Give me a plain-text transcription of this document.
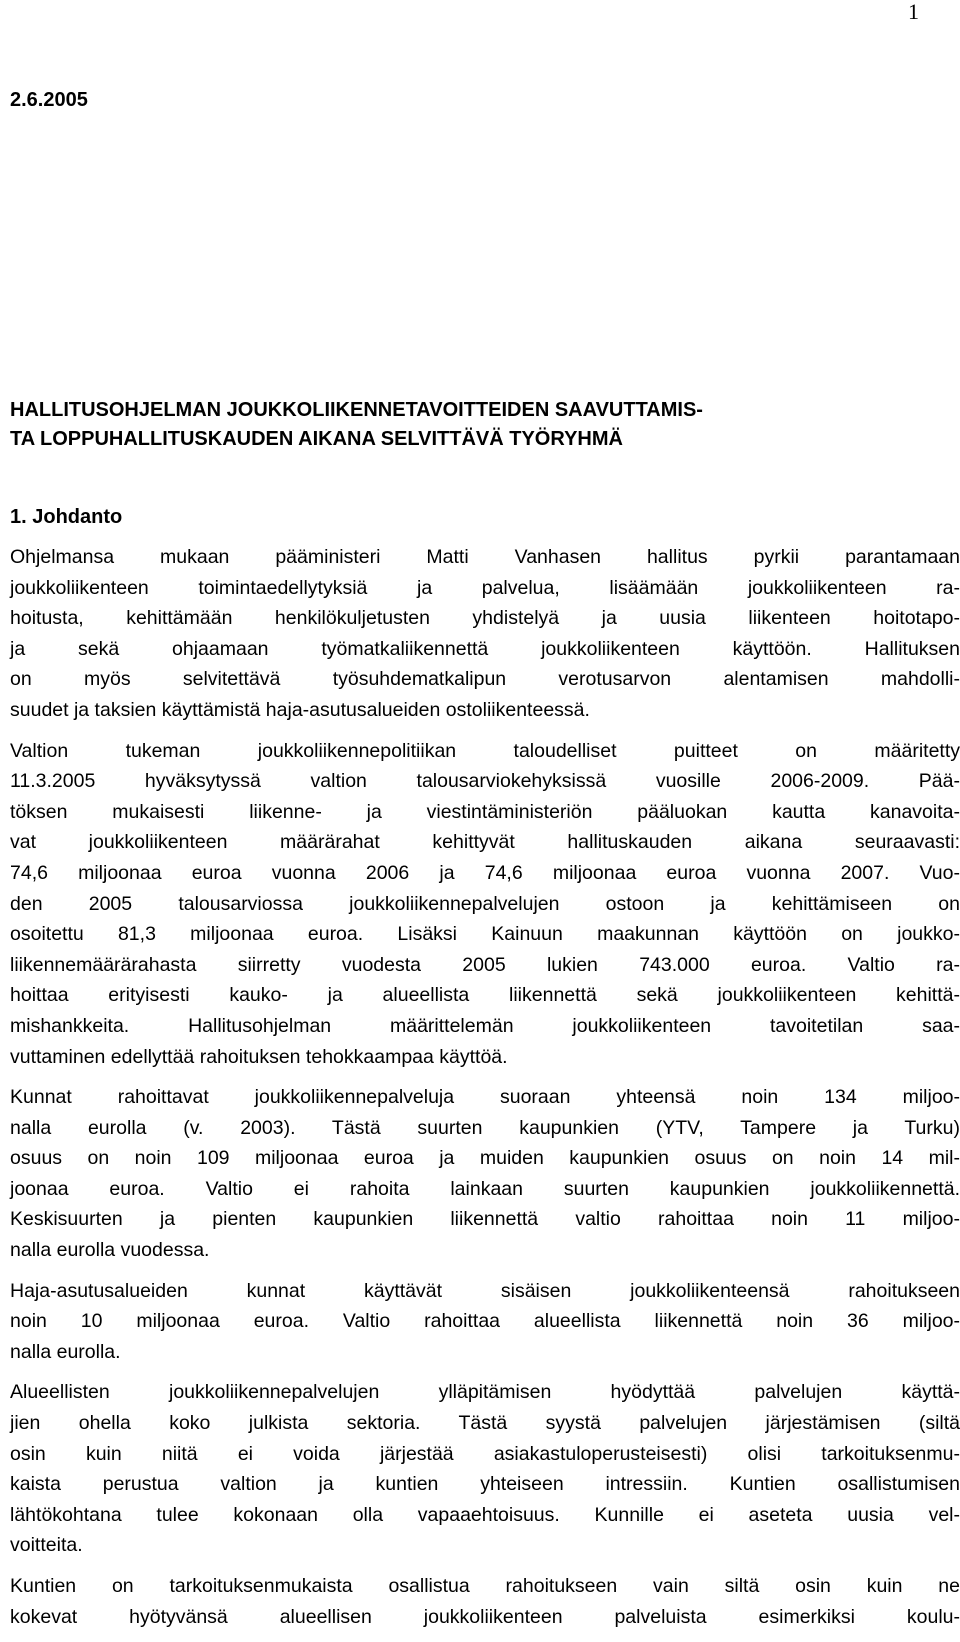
1
2.6.2005
HALLITUSOHJELMAN JOUKKOLIIKENNETAVOITTEIDEN SAAVUTTAMIS-
TA LOPPUHALLITUSKAUDEN AIKANA SELVITTÄVÄ TYÖRYHMÄ
1. Johdanto
Ohjelmansa mukaan pääministeri Matti Vanhasen hallitus pyrkii parantamaan
joukkoliikenteen toimintaedellytyksiä ja palvelua, lisäämään joukkoliikenteen ra-
hoitusta, kehittämään henkilökuljetusten yhdistelyä ja uusia liikenteen hoitotapo-
ja sekä ohjaamaan työmatkaliikennettä joukkoliikenteen käyttöön. Hallituksen
on myös selvitettävä työsuhdematkalipun verotusarvon alentamisen mahdolli-
suudet ja taksien käyttämistä haja-asutusalueiden ostoliikenteessä.
Valtion tukeman joukkoliikennepolitiikan taloudelliset puitteet on määritetty
11.3.2005 hyväksytyssä valtion talousarviokehyksissä vuosille 2006-2009. Pää-
töksen mukaisesti liikenne- ja viestintäministeriön pääluokan kautta kanavoita-
vat joukkoliikenteen määrärahat kehittyvät hallituskauden aikana seuraavasti:
74,6 miljoonaa euroa vuonna 2006 ja 74,6 miljoonaa euroa vuonna 2007. Vuo-
den 2005 talousarviossa joukkoliikennepalvelujen ostoon ja kehittämiseen on
osoitettu 81,3 miljoonaa euroa. Lisäksi Kainuun maakunnan käyttöön on joukko-
liikennemäärärahasta siirretty vuodesta 2005 lukien 743.000 euroa. Valtio ra-
hoittaa erityisesti kauko- ja alueellista liikennettä sekä joukkoliikenteen kehittä-
mishankkeita. Hallitusohjelman määrittelemän joukkoliikenteen tavoitetilan saa-
vuttaminen edellyttää rahoituksen tehokkaampaa käyttöä.
Kunnat rahoittavat joukkoliikennepalveluja suoraan yhteensä noin 134 miljoo-
nalla eurolla (v. 2003). Tästä suurten kaupunkien (YTV, Tampere ja Turku)
osuus on noin 109 miljoonaa euroa ja muiden kaupunkien osuus on noin 14 mil-
joonaa euroa. Valtio ei rahoita lainkaan suurten kaupunkien joukkoliikennettä.
Keskisuurten ja pienten kaupunkien liikennettä valtio rahoittaa noin 11 miljoo-
nalla eurolla vuodessa.
Haja-asutusalueiden kunnat käyttävät sisäisen joukkoliikenteensä rahoitukseen
noin 10 miljoonaa euroa. Valtio rahoittaa alueellista liikennettä noin 36 miljoo-
nalla eurolla.
Alueellisten joukkoliikennepalvelujen ylläpitämisen hyödyttää palvelujen käyttä-
jien ohella koko julkista sektoria. Tästä syystä palvelujen järjestämisen (siltä
osin kuin niitä ei voida järjestää asiakastuloperusteisesti) olisi tarkoituksenmu-
kaista perustua valtion ja kuntien yhteiseen intressiin. Kuntien osallistumisen
lähtökohtana tulee kokonaan olla vapaaehtoisuus. Kunnille ei aseteta uusia vel-
voitteita.
Kuntien on tarkoituksenmukaista osallistua rahoitukseen vain siltä osin kuin ne
kokevat hyötyvänsä alueellisen joukkoliikenteen palveluista esimerkiksi koulu-
